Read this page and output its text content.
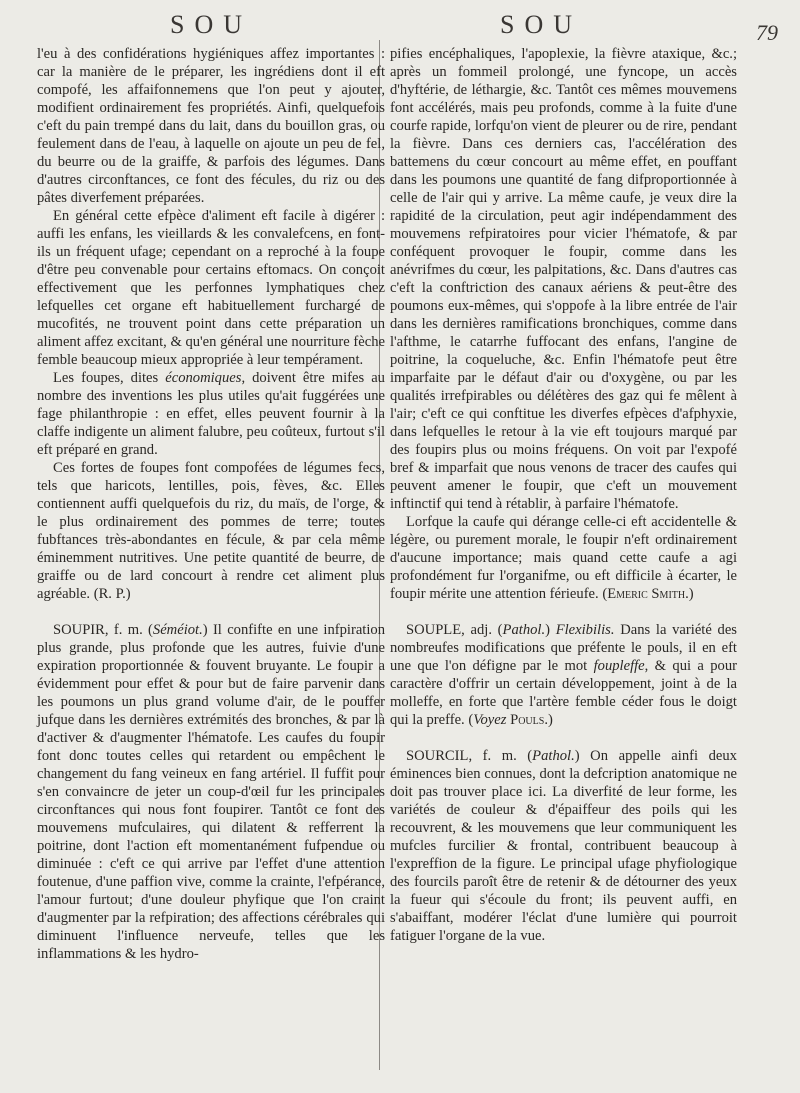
SOU	SOU	79

l'eu à des confidérations hygiéniques affez importantes : car la manière de le préparer, les ingrédiens dont il eft compofé, les affaifonnemens que l'on peut y ajouter, modifient ordinairement fes propriétés. Ainfi, quelquefois c'eft du pain trempé dans du lait, dans du bouillon gras, ou feulement dans de l'eau, à laquelle on ajoute un peu de fel, du beurre ou de la graiffe, & parfois des légumes. Dans d'autres circonftances, ce font des fécules, du riz ou des pâtes diverfement préparées.

En général cette efpèce d'aliment eft facile à digérer : auffi les enfans, les vieillards & les convalefcens, en font-ils un fréquent ufage; cependant on a reproché à la foupe d'être peu convenable pour certains eftomacs. On conçoit effectivement que les perfonnes lymphatiques chez lefquelles cet organe eft habituellement furchargé de mucofités, ne trouvent point dans cette préparation un aliment affez excitant, & qu'en général une nourriture fèche femble beaucoup mieux appropriée à leur tempérament.

Les foupes, dites économiques, doivent être mifes au nombre des inventions les plus utiles qu'ait fuggérées une fage philanthropie : en effet, elles peuvent fournir à la claffe indigente un aliment falubre, peu coûteux, furtout s'il eft préparé en grand.

Ces fortes de foupes font compofées de légumes fecs, tels que haricots, lentilles, pois, fèves, &c. Elles contiennent auffi quelquefois du riz, du maïs, de l'orge, & le plus ordinairement des pommes de terre; toutes fubftances très-abondantes en fécule, & par cela même éminemment nutritives. Une petite quantité de beurre, de graiffe ou de lard concourt à rendre cet aliment plus agréable. (R. P.)

SOUPIR, f. m. (Séméiot.) Il confifte en une infpiration plus grande, plus profonde que les autres, fuivie d'une expiration proportionnée & fouvent bruyante. Le foupir a évidemment pour effet & pour but de faire parvenir dans les poumons un plus grand volume d'air, de le pouffer jufque dans les dernières extrémités des bronches, & par là d'activer & d'augmenter l'hématofe. Les caufes du foupir font donc toutes celles qui retardent ou empêchent le changement du fang veineux en fang artériel. Il fuffit pour s'en convaincre de jeter un coup-d'œil fur les principales circonftances qui nous font foupirer. Tantôt ce font des mouvemens mufculaires, qui dilatent & refferrent la poitrine, dont l'action eft momentanément fufpendue ou diminuée : c'eft ce qui arrive par l'effet d'une attention foutenue, d'une paffion vive, comme la crainte, l'efpérance, l'amour furtout; d'une douleur phyfique que l'on craint d'augmenter par la refpiration; des affections cérébrales qui diminuent l'influence nerveufe, telles que les inflammations & les hydro-

pifies encéphaliques, l'apoplexie, la fièvre ataxique, &c.; après un fommeil prolongé, une fyncope, un accès d'hyftérie, de léthargie, &c. Tantôt ces mêmes mouvemens font accélérés, mais peu profonds, comme à la fuite d'une courfe rapide, lorfqu'on vient de pleurer ou de rire, pendant la fièvre. Dans ces derniers cas, l'accélération des battemens du cœur concourt au même effet, en pouffant dans les poumons une quantité de fang difproportionnée à celle de l'air qui y arrive. La même caufe, je veux dire la rapidité de la circulation, peut agir indépendamment des mouvemens refpiratoires pour vicier l'hématofe, & par conféquent provoquer le foupir, comme dans les anévrifmes du cœur, les palpitations, &c. Dans d'autres cas c'eft la conftriction des canaux aériens & peut-être des poumons eux-mêmes, qui s'oppofe à la libre entrée de l'air dans les dernières ramifications bronchiques, comme dans l'afthme, le catarrhe fuffocant des enfans, l'angine de poitrine, la coqueluche, &c. Enfin l'hématofe peut être imparfaite par le défaut d'air ou d'oxygène, ou par les qualités irrefpirables ou délétères des gaz qui fe mêlent à l'air; c'eft ce qui conftitue les diverfes efpèces d'afphyxie, dans lefquelles le retour à la vie eft toujours marqué par des foupirs plus ou moins fréquens. On voit par l'expofé bref & imparfait que nous venons de tracer des caufes qui peuvent amener le foupir, que c'eft un mouvement inftinctif qui tend à rétablir, à parfaire l'hématofe.

Lorfque la caufe qui dérange celle-ci eft accidentelle & légère, ou purement morale, le foupir n'eft ordinairement d'aucune importance; mais quand cette caufe a agi profondément fur l'organifme, ou eft difficile à écarter, le foupir mérite une attention férieufe. (Emeric Smith.)

SOUPLE, adj. (Pathol.) Flexibilis. Dans la variété des nombreufes modifications que préfente le pouls, il en eft une que l'on défigne par le mot foupleffe, & qui a pour caractère d'offrir un certain développement, joint à de la molleffe, en forte que l'artère femble céder fous le doigt qui la preffe. (Voyez Pouls.)

SOURCIL, f. m. (Pathol.) On appelle ainfi deux éminences bien connues, dont la defcription anatomique ne doit pas trouver place ici. La diverfité de leur forme, les variétés de couleur & d'épaiffeur des poils qui les recouvrent, & les mouvemens que leur communiquent les mufcles furcilier & frontal, contribuent beaucoup à l'expreffion de la figure. Le principal ufage phyfiologique des fourcils paroît être de retenir & de détourner des yeux la fueur qui s'écoule du front; ils peuvent auffi, en s'abaiffant, modérer l'éclat d'une lumière qui pourroit fatiguer l'organe de la vue.
